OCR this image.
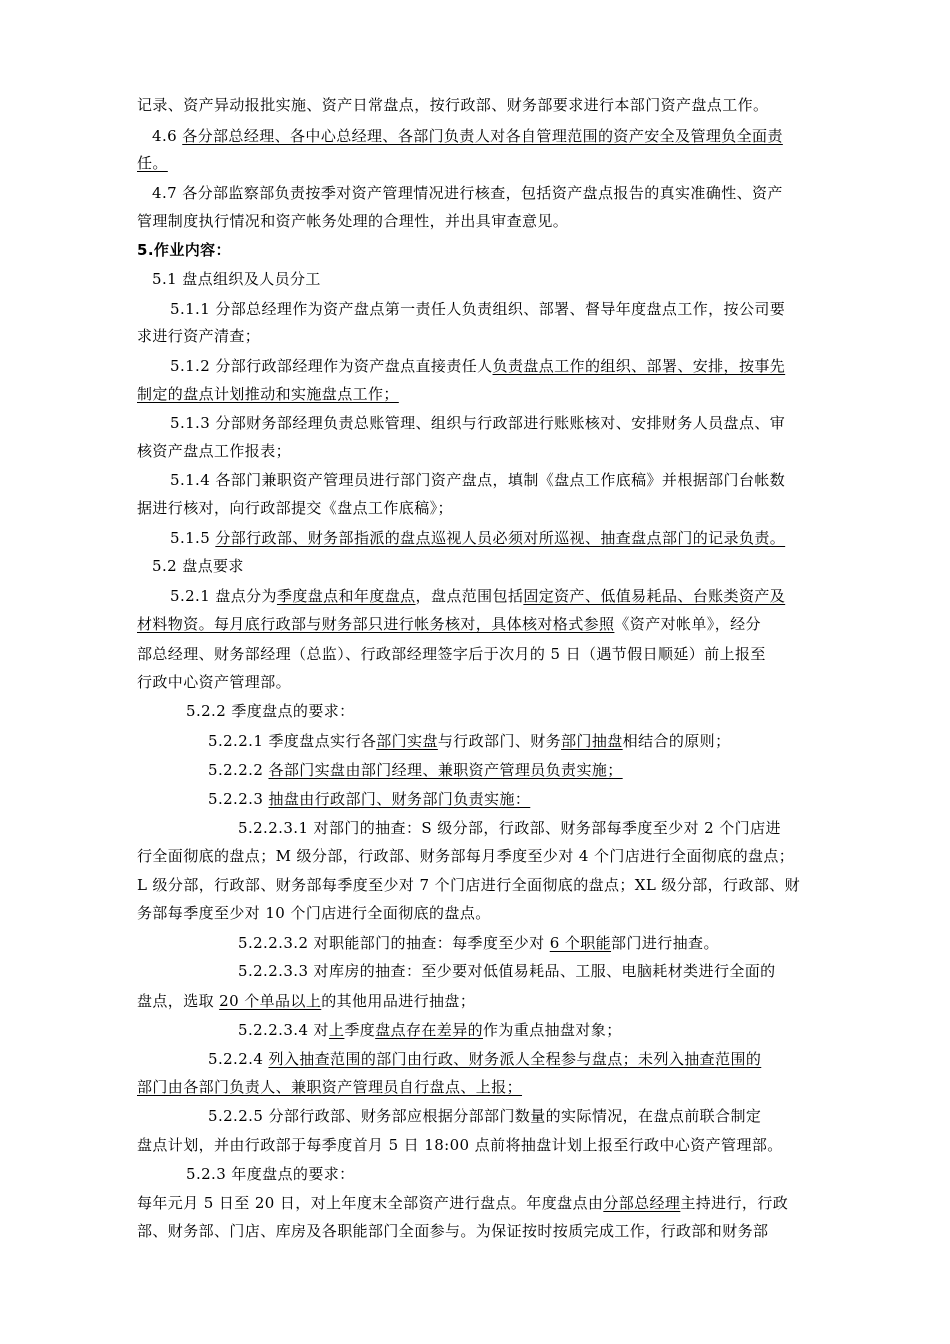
记录、资产异动报批实施、资产日常盘点，按行政部、财务部要求进行本部门资产盘点工作。
4.6 各分部总经理、各中心总经理、各部门负责人对各自管理范围的资产安全及管理负全面责
任。
4.7 各分部监察部负责按季对资产管理情况进行核查，包括资产盘点报告的真实准确性、资产
管理制度执行情况和资产帐务处理的合理性，并出具审查意见。
5.作业内容：
5.1 盘点组织及人员分工
5.1.1 分部总经理作为资产盘点第一责任人负责组织、部署、督导年度盘点工作，按公司要
求进行资产清查；
5.1.2 分部行政部经理作为资产盘点直接责任人负责盘点工作的组织、部署、安排，按事先
制定的盘点计划推动和实施盘点工作；
5.1.3 分部财务部经理负责总账管理、组织与行政部进行账账核对、安排财务人员盘点、审
核资产盘点工作报表；
5.1.4 各部门兼职资产管理员进行部门资产盘点，填制《盘点工作底稿》并根据部门台帐数
据进行核对，向行政部提交《盘点工作底稿》；
5.1.5 分部行政部、财务部指派的盘点巡视人员必须对所巡视、抽查盘点部门的记录负责。
5.2 盘点要求
5.2.1 盘点分为季度盘点和年度盘点，盘点范围包括固定资产、低值易耗品、台账类资产及
材料物资。每月底行政部与财务部只进行帐务核对，具体核对格式参照《资产对帐单》，经分
部总经理、财务部经理（总监）、行政部经理签字后于次月的 5 日（遇节假日顺延）前上报至
行政中心资产管理部。
5.2.2 季度盘点的要求：
5.2.2.1 季度盘点实行各部门实盘与行政部门、财务部门抽盘相结合的原则；
5.2.2.2 各部门实盘由部门经理、兼职资产管理员负责实施；
5.2.2.3 抽盘由行政部门、财务部门负责实施：
5.2.2.3.1 对部门的抽查：S 级分部，行政部、财务部每季度至少对 2 个门店进
行全面彻底的盘点；M 级分部，行政部、财务部每月季度至少对 4 个门店进行全面彻底的盘点；
L 级分部，行政部、财务部每季度至少对 7 个门店进行全面彻底的盘点；XL 级分部，行政部、财
务部每季度至少对 10 个门店进行全面彻底的盘点。
5.2.2.3.2 对职能部门的抽查：每季度至少对 6 个职能部门进行抽查。
5.2.2.3.3 对库房的抽查：至少要对低值易耗品、工服、电脑耗材类进行全面的
盘点，选取 20 个单品以上的其他用品进行抽盘；
5.2.2.3.4 对上季度盘点存在差异的作为重点抽盘对象；
5.2.2.4 列入抽查范围的部门由行政、财务派人全程参与盘点；未列入抽查范围的
部门由各部门负责人、兼职资产管理员自行盘点、上报；
5.2.2.5 分部行政部、财务部应根据分部部门数量的实际情况，在盘点前联合制定
盘点计划，并由行政部于每季度首月 5 日 18:00 点前将抽盘计划上报至行政中心资产管理部。
5.2.3 年度盘点的要求：
每年元月 5 日至 20 日，对上年度末全部资产进行盘点。年度盘点由分部总经理主持进行，行政
部、财务部、门店、库房及各职能部门全面参与。为保证按时按质完成工作，行政部和财务部
